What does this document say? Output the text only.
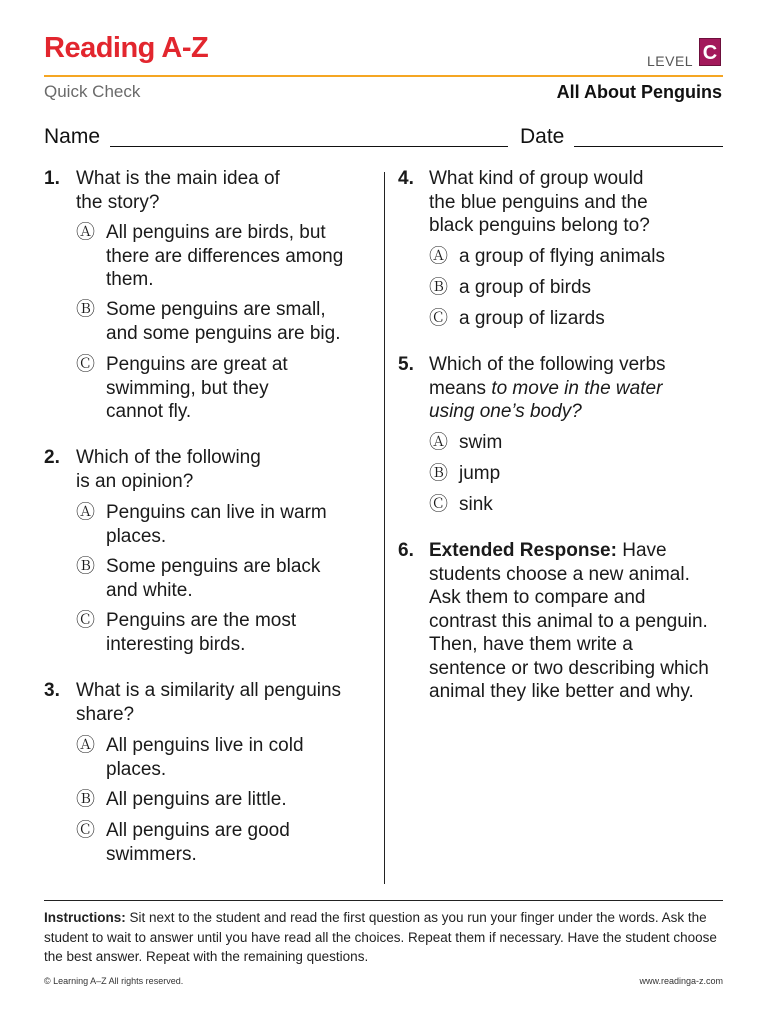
Reading A-Z	LEVEL C
Quick Check	All About Penguins
Name	Date
1. What is the main idea of
the story?
Ⓐ All penguins are birds, but
there are differences among
them.
Ⓑ Some penguins are small,
and some penguins are big.
Ⓒ Penguins are great at
swimming, but they
cannot fly.
2. Which of the following
is an opinion?
Ⓐ Penguins can live in warm
places.
Ⓑ Some penguins are black
and white.
Ⓒ Penguins are the most
interesting birds.
3. What is a similarity all penguins
share?
Ⓐ All penguins live in cold
places.
Ⓑ All penguins are little.
Ⓒ All penguins are good
swimmers.
4. What kind of group would
the blue penguins and the
black penguins belong to?
Ⓐ a group of flying animals
Ⓑ a group of birds
Ⓒ a group of lizards
5. Which of the following verbs
means to move in the water
using one’s body?
Ⓐ swim
Ⓑ jump
Ⓒ sink
6. Extended Response: Have
students choose a new animal.
Ask them to compare and
contrast this animal to a penguin.
Then, have them write a
sentence or two describing which
animal they like better and why.
Instructions: Sit next to the student and read the first question as you run your finger under the words. Ask the student to wait to answer until you have read all the choices. Repeat them if necessary. Have the student choose the best answer. Repeat with the remaining questions.
© Learning A–Z All rights reserved.	www.readinga-z.com
